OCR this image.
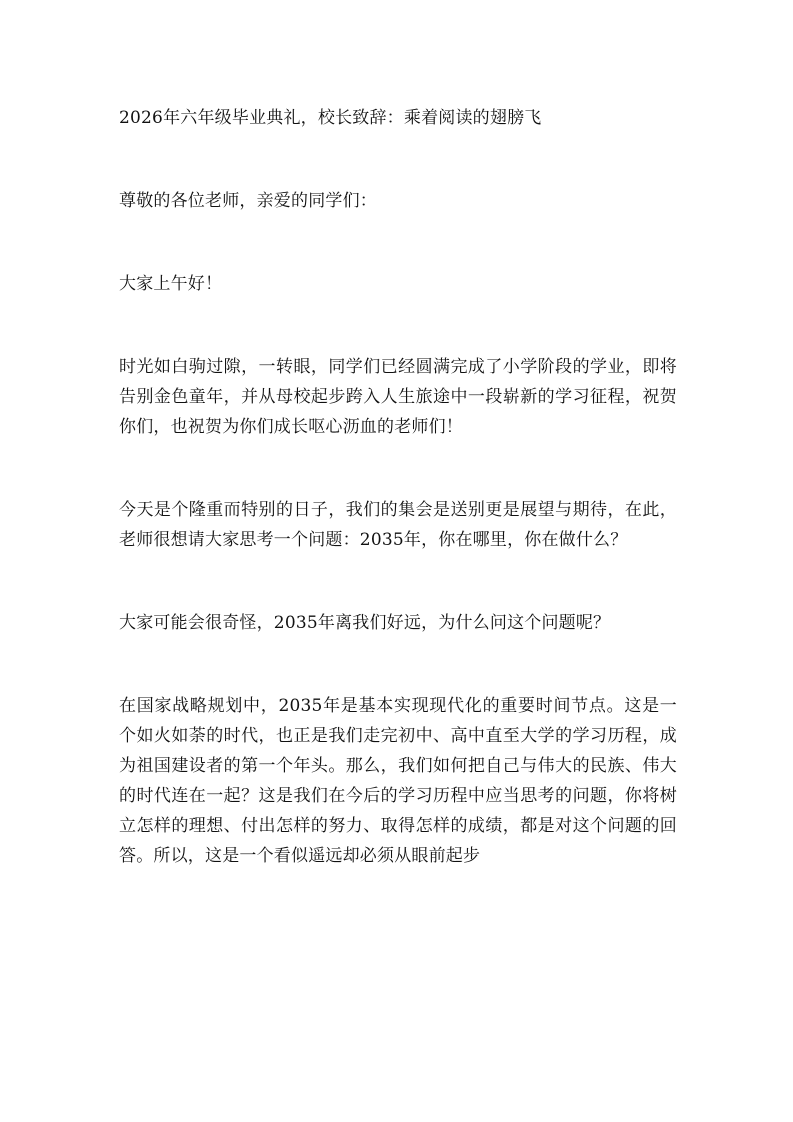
2026年六年级毕业典礼，校长致辞：乘着阅读的翅膀飞

尊敬的各位老师，亲爱的同学们：

大家上午好！

时光如白驹过隙，一转眼，同学们已经圆满完成了小学阶段的学业，即将告别金色童年，并从母校起步跨入人生旅途中一段崭新的学习征程，祝贺你们，也祝贺为你们成长呕心沥血的老师们！

今天是个隆重而特别的日子，我们的集会是送别更是展望与期待，在此，老师很想请大家思考一个问题：2035年，你在哪里，你在做什么？

大家可能会很奇怪，2035年离我们好远，为什么问这个问题呢？

在国家战略规划中，2035年是基本实现现代化的重要时间节点。这是一个如火如荼的时代，也正是我们走完初中、高中直至大学的学习历程，成为祖国建设者的第一个年头。那么，我们如何把自己与伟大的民族、伟大的时代连在一起？这是我们在今后的学习历程中应当思考的问题，你将树立怎样的理想、付出怎样的努力、取得怎样的成绩，都是对这个问题的回答。所以，这是一个看似遥远却必须从眼前起步
